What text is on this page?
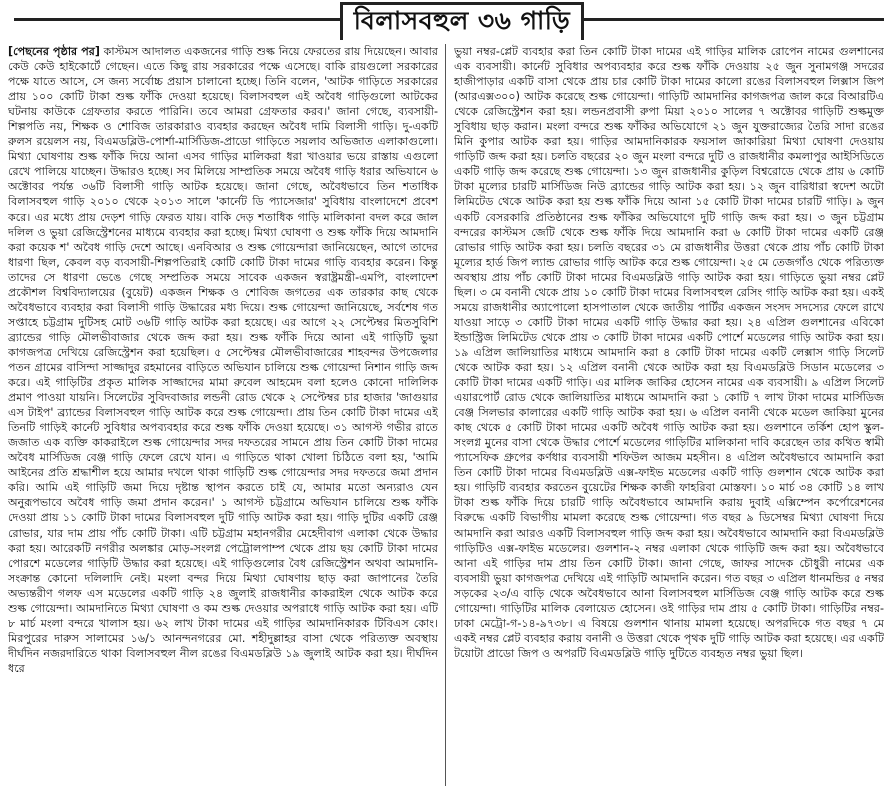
বিলাসবহুল ৩৬ গাড়ি

[পেছনের পৃষ্ঠার পর] কাস্টমস আদালত একজনের গাড়ি শুল্ক নিয়ে ফেরতের রায় দিয়েছেন। আবার কেউ কেউ হাইকোর্টে গেছেন। এতে কিছু রায় সরকারের পক্ষে এসেছে। বাকি রায়গুলো সরকারের পক্ষে যাতে আসে, সে জন্য সর্বোচ্চ প্রয়াস চালানো হচ্ছে। তিনি বলেন, 'আটক গাড়িতে সরকারের প্রায় ১০০ কোটি টাকা শুল্ক ফাঁকি দেওয়া হয়েছে। বিলাসবহুল এই অবৈধ গাড়িগুলো আটকের ঘটনায় কাউকে গ্রেফতার করতে পারিনি। তবে আমরা গ্রেফতার করব।' জানা গেছে, ব্যবসায়ী-শিল্পপতি নয়, শিক্ষক ও শোবিজ তারকারাও ব্যবহার করছেন অবৈধ দামি বিলাসী গাড়ি। দু-একটি রুলস রয়েলস নয়, বিএমডব্লিউ-পোর্শা-মার্সিডিজ-প্রাডো গাড়িতে সয়লাব অভিজাত এলাকাগুলো। মিথ্যা ঘোষণায় শুল্ক ফাঁকি দিয়ে আনা এসব গাড়ির মালিকরা ধরা খাওয়ার ভয়ে রাস্তায় এগুলো রেখে পালিয়ে যাচ্ছেন। উদ্ধারও হচ্ছে। সব মিলিয়ে সাম্প্রতিক সময়ে অবৈধ গাড়ি ধরার অভিযানে ৬ অক্টোবর পর্যন্ত ৩৬টি বিলাসী গাড়ি আটক হয়েছে। জানা গেছে, অবৈধভাবে তিন শতাধিক বিলাসবহুল গাড়ি ২০১০ থেকে ২০১৩ সালে 'কার্নেট ডি প্যাসেজার' সুবিধায় বাংলাদেশে প্রবেশ করে। এর মধ্যে প্রায় দেড়শ গাড়ি ফেরত যায়। বাকি দেড় শতাধিক গাড়ি মালিকানা বদল করে জাল দলিল ও ভুয়া রেজিস্ট্রেশনের মাধ্যমে ব্যবহার করা হচ্ছে। মিথ্যা ঘোষণা ও শুল্ক ফাঁকি দিয়ে আমদানি করা কয়েক শ' অবৈধ গাড়ি দেশে আছে। এনবিআর ও শুল্ক গোয়েন্দারা জানিয়েছেন, আগে তাদের ধারণা ছিল, কেবল বড় ব্যবসায়ী-শিল্পপতিরাই কোটি কোটি টাকা দামের গাড়ি ব্যবহার করেন। কিন্তু তাদের সে ধারণা ভেঙে গেছে সম্প্রতিক সময়ে সাবেক একজন স্বরাষ্ট্রমন্ত্রী-এমপি, বাংলাদেশ প্রকৌশল বিশ্ববিদ্যালয়ের (বুয়েট) একজন শিক্ষক ও শোবিজ জগতের এক তারকার কাছ থেকে অবৈধভাবে ব্যবহার করা বিলাসী গাড়ি উদ্ধারের মধ্য দিয়ে। শুল্ক গোয়েন্দা জানিয়েছে, সর্বশেষ গত সপ্তাহে চট্টগ্রাম দুটিসহ মোট ৩৬টি গাড়ি আটক করা হয়েছে। এর আগে ২২ সেপ্টেম্বর মিতসুবিশি ব্র্যান্ডের গাড়ি মৌলভীবাজার থেকে জব্দ করা হয়। শুল্ক ফাঁকি দিয়ে আনা এই গাড়িটি ভুয়া কাগজপত্র দেখিয়ে রেজিস্ট্রেশন করা হয়েছিল। ৫ সেপ্টেম্বর মৌলভীবাজারের শাহবন্দর উপজেলার পতন গ্রামের বাসিন্দা সাজ্জাদুর রহমানের বাড়িতে অভিযান চালিয়ে শুল্ক গোয়েন্দা নিশান গাড়ি জব্দ করে। এই গাড়িটির প্রকৃত মালিক সাজ্জাদের মামা রুবেল আহমেদ বলা হলেও কোনো দালিলিক প্রমাণ পাওয়া যায়নি। সিলেটের সুবিদবাজার লন্ডনী রোড থেকে ২ সেপ্টেম্বর চার হাজার 'জাগুয়ার এস টাইপ' ব্র্যান্ডের বিলাসবহুল গাড়ি আটক করে শুল্ক গোয়েন্দা। প্রায় তিন কোটি টাকা দামের এই তিনটি গাড়িই কার্নেট সুবিধার অপব্যবহার করে শুল্ক ফাঁকি দেওয়া হয়েছে। ৩১ আগস্ট গভীর রাতে জজাত এক ব্যক্তি কাকরাইলে শুল্ক গোয়েন্দার সদর দফতরের সামনে প্রায় তিন কোটি টাকা দামের অবৈধ মার্সিডিজ বেঞ্জ গাড়ি ফেলে রেখে যান। এ গাড়িতে থাকা খোলা চিঠিতে বলা হয়, 'আমি আইনের প্রতি শ্রদ্ধাশীল হয়ে আমার দখলে থাকা গাড়িটি শুল্ক গোয়েন্দার সদর দফতরে জমা প্রদান করি। আমি এই গাড়িটি জমা দিয়ে দৃষ্টান্ত স্থাপন করতে চাই যে, আমার মতো অন্যরাও যেন অনুরূপভাবে অবৈধ গাড়ি জমা প্রদান করেন।' ১ আগস্ট চট্টগ্রামে অভিযান চালিয়ে শুল্ক ফাঁকি দেওয়া প্রায় ১১ কোটি টাকা দামের বিলাসবহুল দুটি গাড়ি আটক করা হয়। গাড়ি দুটির একটি রেঞ্জ রোভার, যার দাম প্রায় পাঁচ কোটি টাকা। এটি চট্টগ্রাম মহানগরীর মেহেদীবাগ এলাকা থেকে উদ্ধার করা হয়। আরেকটি নগরীর অলঙ্কার মোড়-সংলগ্ন পেট্রোলপাম্প থেকে প্রায় ছয় কোটি টাকা দামের পোরশে মডেলের গাড়িটি উদ্ধার করা হয়েছে। এই গাড়িগুলোর বৈধ রেজিস্ট্রেশন অথবা আমদানি-সংক্রান্ত কোনো দলিলাদি নেই। মংলা বন্দর দিয়ে মিথ্যা ঘোষণায় ছাড় করা জাপানের তৈরি অভ্যন্তরীণ গলফ এস মডেলের একটি গাড়ি ২৪ জুলাই রাজধানীর কাকরাইল থেকে আটক করে শুল্ক গোয়েন্দা। আমদানিতে মিথ্যা ঘোষণা ও কম শুল্ক দেওয়ার অপরাধে গাড়ি আটক করা হয়। এটি ৮ মার্চ মংলা বন্দরে খালাস হয়। ৬২ লাখ টাকা দামের এই গাড়ির আমদানিকারক টিবিএস কোং। মিরপুরের দারুস সালামের ১৬/১ আনন্দনগরের মো. শহীদুল্লাহর বাসা থেকে পরিত্যক্ত অবস্থায় দীর্ঘদিন নজরদারিতে থাকা বিলাসবহুল নীল রঙের বিএমডব্লিউ ১৯ জুলাই আটক করা হয়। দীর্ঘদিন ধরে

ভুয়া নম্বর-প্লেট ব্যবহার করা তিন কোটি টাকা দামের এই গাড়ির মালিক রোপেন নামের গুলশানের এক ব্যবসায়ী। কার্নেট সুবিধার অপব্যবহার করে শুল্ক ফাঁকি দেওয়ায় ২৫ জুন সুনামগঞ্জ সদরের হাজীপাড়ার একটি বাসা থেকে প্রায় চার কোটি টাকা দামের কালো রঙের বিলাসবহুল লিক্সাস জিপ (আরএক্স৩০০) আটক করেছে শুল্ক গোয়েন্দা। গাড়িটি আমদানির কাগজপত্র জাল করে বিআরটিএ থেকে রেজিস্ট্রেশন করা হয়। লন্ডনপ্রবাসী রুপা মিয়া ২০১০ সালের ৭ অক্টোবর গাড়িটি শুল্কমুক্ত সুবিধায় ছাড় করান। মংলা বন্দরে শুল্ক ফাঁকির অভিযোগে ২১ জুন যুক্তরাজ্যের তৈরি সাদা রঙের মিনি কুপার আটক করা হয়। গাড়ির আমদানিকারক ফয়সাল জাকারিয়া মিথ্যা ঘোষণা দেওয়ায় গাড়িটি জব্দ করা হয়। চলতি বছরের ২০ জুন মংলা বন্দরে দুটি ও রাজধানীর কমলাপুর আইসিডিতে একটি গাড়ি জব্দ করেছে শুল্ক গোয়েন্দা। ১৩ জুন রাজধানীর কুড়িল বিশ্বরোডে থেকে প্রায় ৬ কোটি টাকা মূল্যের চারটি মার্সিডিজ নিউ ব্র্যান্ডের গাড়ি আটক করা হয়। ১২ জুন বারিধারা স্বদেশ অটো লিমিটেড থেকে আটক করা হয় শুল্ক ফাঁকি দিয়ে আনা ১৫ কোটি টাকা দামের চারটি গাড়ি। ৯ জুন একটি বেসরকারি প্রতিষ্ঠানের শুল্ক ফাঁকির অভিযোগে দুটি গাড়ি জব্দ করা হয়। ৩ জুন চট্টগ্রাম বন্দরের কাস্টমস জেটি থেকে শুল্ক ফাঁকি দিয়ে আমদানি করা ৬ কোটি টাকা দামের একটি রেঞ্জ রোভার গাড়ি আটক করা হয়। চলতি বছরের ৩১ মে রাজধানীর উত্তরা থেকে প্রায় পাঁচ কোটি টাকা মূল্যের হার্ড জিপ ল্যান্ড রোভার গাড়ি আটক করে শুল্ক গোয়েন্দা। ২৫ মে তেজগাঁও থেকে পরিত্যক্ত অবস্থায় প্রায় পাঁচ কোটি টাকা দামের বিএমডব্লিউ গাড়ি আটক করা হয়। গাড়িতে ভুয়া নম্বর প্লেট ছিল। ৩ মে বনানী থেকে প্রায় ১০ কোটি টাকা দামের বিলাসবহুল রেসিং গাড়ি আটক করা হয়। একই সময়ে রাজধানীর অ্যাপোলো হাসপাতাল থেকে জাতীয় পার্টির একজন সংসদ সদস্যের ফেলে রাখে যাওয়া সাড়ে ৩ কোটি টাকা দামের একটি গাড়ি উদ্ধার করা হয়। ২৪ এপ্রিল গুলশানের এবিকো ইন্ডাস্ট্রিজ লিমিটেড থেকে প্রায় ৩ কোটি টাকা দামের একটি পোর্শে মডেলের গাড়ি আটক করা হয়। ১৯ এপ্রিল জালিয়াতির মাধ্যমে আমদানি করা ৪ কোটি টাকা দামের একটি লেক্সাস গাড়ি সিলেট থেকে আটক করা হয়। ১২ এপ্রিল বনানী থেকে আটক করা হয় বিএমডব্লিউ সিডান মডেলের ৩ কোটি টাকা দামের একটি গাড়ি। এর মালিক জাকির হোসেন নামের এক ব্যবসায়ী। ৯ এপ্রিল সিলেট এয়ারপোর্ট রোড থেকে জালিয়াতির মাধ্যমে আমদানি করা ১ কোটি ৭ লাখ টাকা দামের মার্সিডিজ বেঞ্জ সিলভার কালারের একটি গাড়ি আটক করা হয়। ৬ এপ্রিল বনানী থেকে মডেল জাকিয়া মুনের কাছ থেকে ৫ কোটি টাকা দামের একটি অবৈধ গাড়ি আটক করা হয়। গুলশানে তর্কিশ হোপ স্কুল-সংলগ্ন মুনের বাসা থেকে উদ্ধার পোর্শে মডেলের গাড়িটির মালিকানা দাবি করেছেন তার কথিত স্বামী প্যাসেফিক গ্রুপের কর্ণধার ব্যবসায়ী শফিউল আজম মহসীন। ৪ এপ্রিল অবৈধভাবে আমদানি করা তিন কোটি টাকা দামের বিএমডব্লিউ এক্স-ফাইভ মডেলের একটি গাড়ি গুলশান থেকে আটক করা হয়। গাড়িটি ব্যবহার করতেন বুয়েটের শিক্ষক কাজী ফাহরিবা মোস্তফা। ১০ মার্চ ৩৪ কোটি ১৪ লাখ টাকা শুল্ক ফাঁকি দিয়ে চারটি গাড়ি অবৈধভাবে আমদানি করায় দুবাই এক্সিম্পেন কর্পোরেশনের বিরুদ্ধে একটি বিভাগীয় মামলা করেছে শুল্ক গোয়েন্দা। গত বছর ৯ ডিসেম্বর মিথ্যা ঘোষণা দিয়ে আমদানি করা আরও একটি বিলাসবহুল গাড়ি জব্দ করা হয়। অবৈধভাবে আমদানি করা বিএমডব্লিউ গাড়িটিও এক্স-ফাইভ মডেলের। গুলশান-২ নম্বর এলাকা থেকে গাড়িটি জব্দ করা হয়। অবৈধভাবে আনা এই গাড়ির দাম প্রায় তিন কোটি টাকা। জানা গেছে, জাফর সাদেক চৌধুরী নামের এক ব্যবসায়ী ভুয়া কাগজপত্র দেখিয়ে এই গাড়িটি আমদানি করেন। গত বছর ৩ এপ্রিল ধানমন্ডির ৫ নম্বর সড়কের ২৩/এ বাড়ি থেকে অবৈধভাবে আনা বিলাসবহুল মার্সিডিজ বেঞ্জ গাড়ি আটক করে শুল্ক গোয়েন্দা। গাড়িটির মালিক বেলায়েত হোসেন। ওই গাড়ির দাম প্রায় ৫ কোটি টাকা। গাড়িটির নম্বর- ঢাকা মেট্রো-গ-১৪-৯৭৩৮। এ বিষয়ে গুলশান থানায় মামলা হয়েছে। অপরদিকে গত বছর ৭ মে একই নম্বর প্লেট ব্যবহার করায় বনানী ও উত্তরা থেকে পৃথক দুটি গাড়ি আটক করা হয়েছে। এর একটি টয়োটা প্রাডো জিপ ও অপরটি বিএমডব্লিউ গাড়ি দুটিতে ব্যবহৃত নম্বর ভুয়া ছিল।
